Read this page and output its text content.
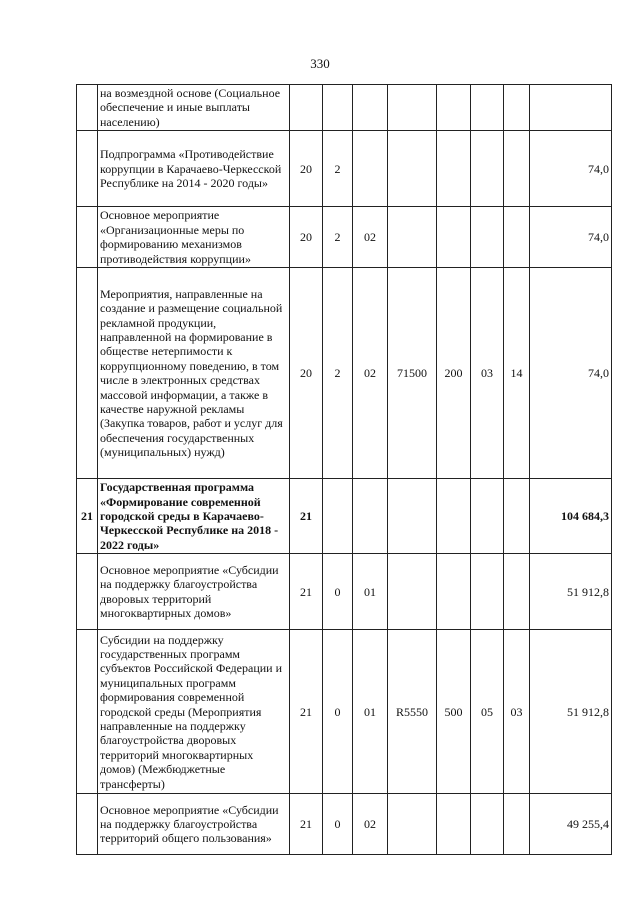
330
	на возмездной основе (Социальное обеспечение и иные выплаты населению)								
	Подпрограмма «Противодействие коррупции в Карачаево-Черкесской Республике на 2014 - 2020 годы»	20	2						74,0
	Основное мероприятие «Организационные меры по формированию механизмов противодействия коррупции»	20	2	02					74,0
	Мероприятия, направленные на создание и размещение социальной рекламной продукции, направленной на формирование в обществе нетерпимости к коррупционному поведению, в том числе в электронных средствах массовой информации, а также в качестве наружной рекламы (Закупка товаров, работ и услуг для обеспечения государственных (муниципальных) нужд)	20	2	02	71500	200	03	14	74,0
21	Государственная программа «Формирование современной городской среды в Карачаево-Черкесской Республике на 2018 - 2022 годы»	21							104 684,3
	Основное мероприятие «Субсидии на поддержку благоустройства дворовых территорий многоквартирных домов»	21	0	01					51 912,8
	Субсидии на поддержку государственных программ субъектов Российской Федерации и муниципальных программ формирования современной городской среды (Мероприятия направленные на поддержку благоустройства дворовых территорий многоквартирных домов) (Межбюджетные трансферты)	21	0	01	R5550	500	05	03	51 912,8
	Основное мероприятие «Субсидии на поддержку благоустройства территорий общего пользования»	21	0	02					49 255,4
